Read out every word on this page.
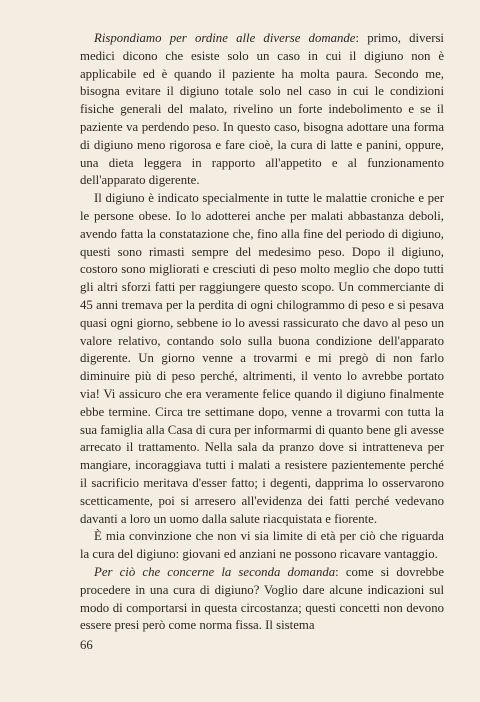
Rispondiamo per ordine alle diverse domande: primo, diversi medici dicono che esiste solo un caso in cui il digiuno non è applicabile ed è quando il paziente ha molta paura. Secondo me, bisogna evitare il digiuno totale solo nel caso in cui le condizioni fisiche generali del malato, rivelino un forte indebolimento e se il paziente va perdendo peso. In questo caso, bisogna adottare una forma di digiuno meno rigorosa e fare cioè, la cura di latte e panini, oppure, una dieta leggera in rapporto all'appetito e al funzionamento dell'apparato digerente.

Il digiuno è indicato specialmente in tutte le malattie croniche e per le persone obese. Io lo adotterei anche per malati abbastanza deboli, avendo fatta la constatazione che, fino alla fine del periodo di digiuno, questi sono rimasti sempre del medesimo peso. Dopo il digiuno, costoro sono migliorati e cresciuti di peso molto meglio che dopo tutti gli altri sforzi fatti per raggiungere questo scopo. Un commerciante di 45 anni tremava per la perdita di ogni chilogrammo di peso e si pesava quasi ogni giorno, sebbene io lo avessi rassicurato che davo al peso un valore relativo, contando solo sulla buona condizione dell'apparato digerente. Un giorno venne a trovarmi e mi pregò di non farlo diminuire più di peso perché, altrimenti, il vento lo avrebbe portato via! Vi assicuro che era veramente felice quando il digiuno finalmente ebbe termine. Circa tre settimane dopo, venne a trovarmi con tutta la sua famiglia alla Casa di cura per informarmi di quanto bene gli avesse arrecato il trattamento. Nella sala da pranzo dove si intratteneva per mangiare, incoraggiava tutti i malati a resistere pazientemente perché il sacrificio meritava d'esser fatto; i degenti, dapprima lo osservarono scetticamente, poi si arresero all'evidenza dei fatti perché vedevano davanti a loro un uomo dalla salute riacquistata e fiorente.

È mia convinzione che non vi sia limite di età per ciò che riguarda la cura del digiuno: giovani ed anziani ne possono ricavare vantaggio.

Per ciò che concerne la seconda domanda: come si dovrebbe procedere in una cura di digiuno? Voglio dare alcune indicazioni sul modo di comportarsi in questa circostanza; questi concetti non devono essere presi però come norma fissa. Il sistema

66
